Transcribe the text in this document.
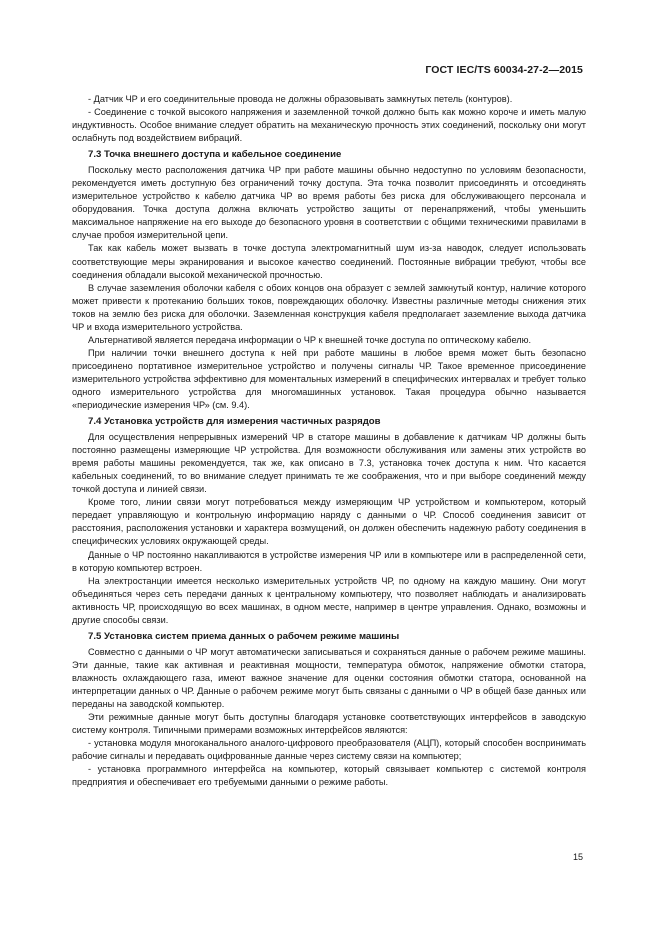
ГОСТ IEC/TS 60034-27-2—2015

- Датчик ЧР и его соединительные провода не должны образовывать замкнутых петель (контуров).

- Соединение с точкой высокого напряжения и заземленной точкой должно быть как можно короче и иметь малую индуктивность. Особое внимание следует обратить на механическую прочность этих соединений, поскольку они могут ослабнуть под воздействием вибраций.

7.3 Точка внешнего доступа и кабельное соединение

Поскольку место расположения датчика ЧР при работе машины обычно недоступно по условиям безопасности, рекомендуется иметь доступную без ограничений точку доступа. Эта точка позволит присоединять и отсоединять измерительное устройство к кабелю датчика ЧР во время работы без риска для обслуживающего персонала и оборудования. Точка доступа должна включать устройство защиты от перенапряжений, чтобы уменьшить максимальное напряжение на его выходе до безопасного уровня в соответствии с общими техническими правилами в случае пробоя измерительной цепи.

Так как кабель может вызвать в точке доступа электромагнитный шум из-за наводок, следует использовать соответствующие меры экранирования и высокое качество соединений. Постоянные вибрации требуют, чтобы все соединения обладали высокой механической прочностью.

В случае заземления оболочки кабеля с обоих концов она образует с землей замкнутый контур, наличие которого может привести к протеканию больших токов, повреждающих оболочку. Известны различные методы снижения этих токов на землю без риска для оболочки. Заземленная конструкция кабеля предполагает заземление выхода датчика ЧР и входа измерительного устройства.

Альтернативой является передача информации о ЧР к внешней точке доступа по оптическому кабелю.

При наличии точки внешнего доступа к ней при работе машины в любое время может быть безопасно присоединено портативное измерительное устройство и получены сигналы ЧР. Такое временное присоединение измерительного устройства эффективно для моментальных измерений в специфических интервалах и требует только одного измерительного устройства для многомашинных установок. Такая процедура обычно называется «периодические измерения ЧР» (см. 9.4).

7.4 Установка устройств для измерения частичных разрядов

Для осуществления непрерывных измерений ЧР в статоре машины в добавление к датчикам ЧР должны быть постоянно размещены измеряющие ЧР устройства. Для возможности обслуживания или замены этих устройств во время работы машины рекомендуется, так же, как описано в 7.3, установка точек доступа к ним. Что касается кабельных соединений, то во внимание следует принимать те же соображения, что и при выборе соединений между точкой доступа и линией связи.

Кроме того, линии связи могут потребоваться между измеряющим ЧР устройством и компьютером, который передает управляющую и контрольную информацию наряду с данными о ЧР. Способ соединения зависит от расстояния, расположения установки и характера возмущений, он должен обеспечить надежную работу соединения в специфических условиях окружающей среды.

Данные о ЧР постоянно накапливаются в устройстве измерения ЧР или в компьютере или в распределенной сети, в которую компьютер встроен.

На электростанции имеется несколько измерительных устройств ЧР, по одному на каждую машину. Они могут объединяться через сеть передачи данных к центральному компьютеру, что позволяет наблюдать и анализировать активность ЧР, происходящую во всех машинах, в одном месте, например в центре управления. Однако, возможны и другие способы связи.

7.5 Установка систем приема данных о рабочем режиме машины

Совместно с данными о ЧР могут автоматически записываться и сохраняться данные о рабочем режиме машины. Эти данные, такие как активная и реактивная мощности, температура обмоток, напряжение обмотки статора, влажность охлаждающего газа, имеют важное значение для оценки состояния обмотки статора, основанной на интерпретации данных о ЧР. Данные о рабочем режиме могут быть связаны с данными о ЧР в общей базе данных или переданы на заводской компьютер.

Эти режимные данные могут быть доступны благодаря установке соответствующих интерфейсов в заводскую систему контроля. Типичными примерами возможных интерфейсов являются:

- установка модуля многоканального аналого-цифрового преобразователя (АЦП), который способен воспринимать рабочие сигналы и передавать оцифрованные данные через систему связи на компьютер;

- установка программного интерфейса на компьютер, который связывает компьютер с системой контроля предприятия и обеспечивает его требуемыми данными о режиме работы.

15
